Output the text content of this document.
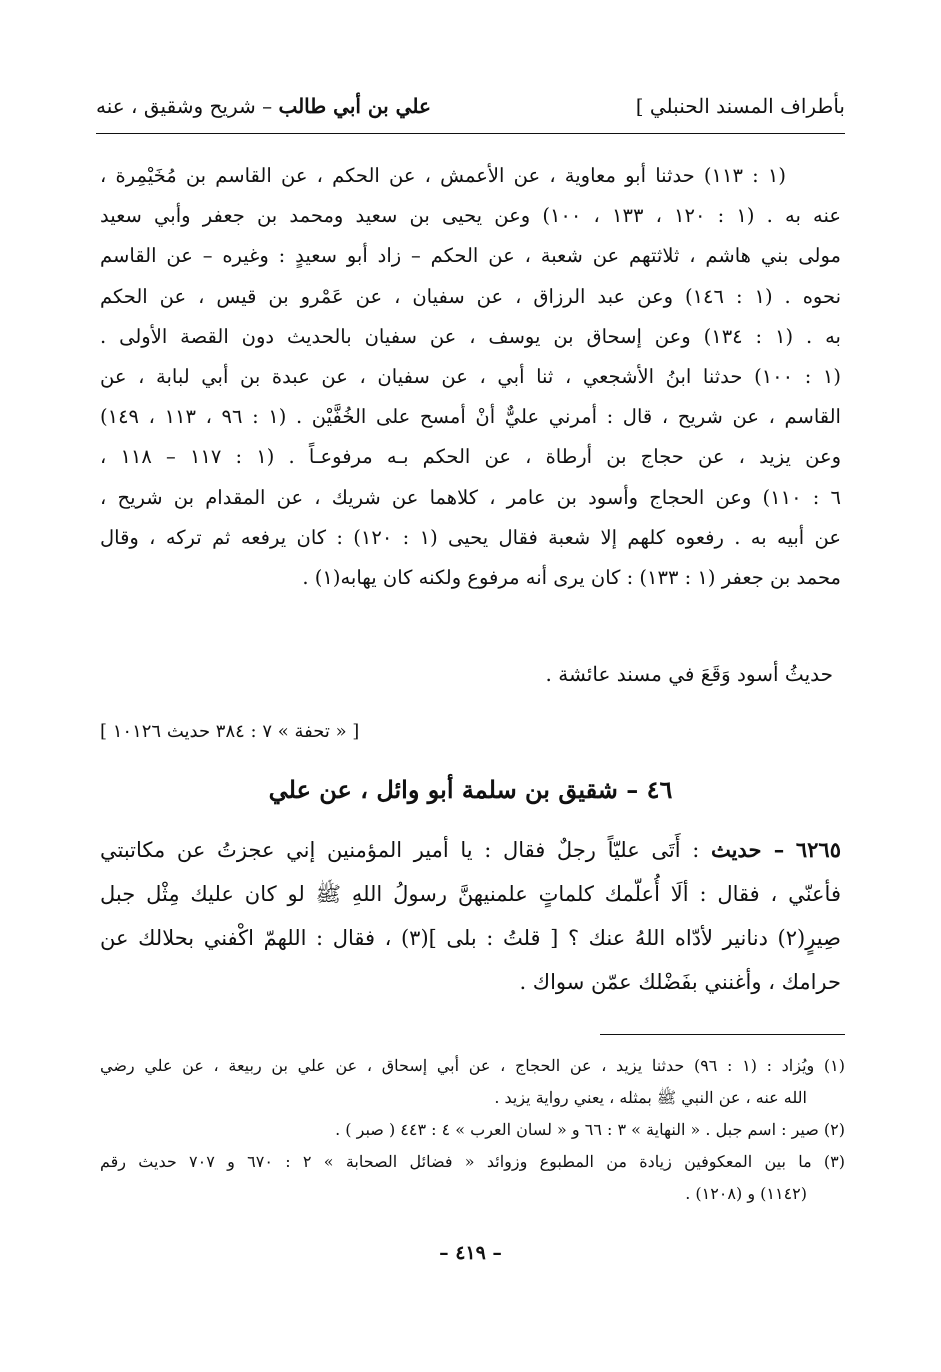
بأطراف المسند الحنبلي ]
علي بن أبي طالب – شريح وشقيق ، عنه
(١ : ١١٣) حدثنا أبو معاوية ، عن الأعمش ، عن الحكم ، عن القاسم بن مُخَيْمِرة ،
عنه به . (١ : ١٢٠ ، ١٣٣ ، ١٠٠) وعن يحيى بن سعيد ومحمد بن جعفر وأبي سعيد
مولى بني هاشم ، ثلاثتهم عن شعبة ، عن الحكم – زاد أبو سعيدٍ : وغيره – عن القاسم
نحوه . (١ : ١٤٦) وعن عبد الرزاق ، عن سفيان ، عن عَمْرو بن قيس ، عن الحكم
به . (١ : ١٣٤) وعن إسحاق بن يوسف ، عن سفيان بالحديث دون القصة الأولى .
(١ : ١٠٠) حدثنا ابنُ الأشجعي ، ثنا أبي ، عن سفيان ، عن عبدة بن أبي لبابة ، عن
القاسم ، عن شريح ، قال : أمرني عليٌّ أنْ أمسح على الخُفَّيْن . (١ : ٩٦ ، ١١٣ ، ١٤٩)
وعن يزيد ، عن حجاج بن أرطاة ، عن الحكم بـه مرفوعـاً . (١ : ١١٧ – ١١٨ ،
٦ : ١١٠) وعن الحجاج وأسود بن عامر ، كلاهما عن شريك ، عن المقدام بن شريح ،
عن أبيه به . رفعوه كلهم إلا شعبة فقال يحيى (١ : ١٢٠) : كان يرفعه ثم تركه ، وقال
محمد بن جعفر (١ : ١٣٣) : كان يرى أنه مرفوع ولكنه كان يهابه(١) .
حديثُ أسود وَقَعَ في مسند عائشة .
[ « تحفة » ٧ : ٣٨٤ حديث ١٠١٢٦ ]
٤٦ – شقيق بن سلمة أبو وائل ، عن علي
٦٢٦٥ – حديث : أَتَى عليّاً رجلٌ فقال : يا أمير المؤمنين إني عجزتُ عن مكاتبتي
فأعنّي ، فقال : ألَا أُعلّمك كلماتٍ علمنيهنَّ رسولُ اللهِ ﷺ لو كان عليك مِثْل جبل
صِيرٍ(٢) دنانير لأدّاه اللهُ عنك ؟ [ قلتُ : بلى ](٣) ، فقال : اللهمّ اكْفني بحلالك عن
حرامك ، وأغنني بفَضْلك عمّن سواك .
(١) ويُزاد : (١ : ٩٦) حدثنا يزيد ، عن الحجاج ، عن أبي إسحاق ، عن علي بن ربيعة ، عن علي رضي
الله عنه ، عن النبي ﷺ بمثله ، يعني رواية يزيد .
(٢) صير : اسم جبل . « النهاية » ٣ : ٦٦ و « لسان العرب » ٤ : ٤٤٣ ( صبر ) .
(٣) ما بين المعكوفين زيادة من المطبوع وزوائد « فضائل الصحابة » ٢ : ٦٧٠ و ٧٠٧ حديث رقم
(١١٤٢) و (١٢٠٨) .
– ٤١٩ –
